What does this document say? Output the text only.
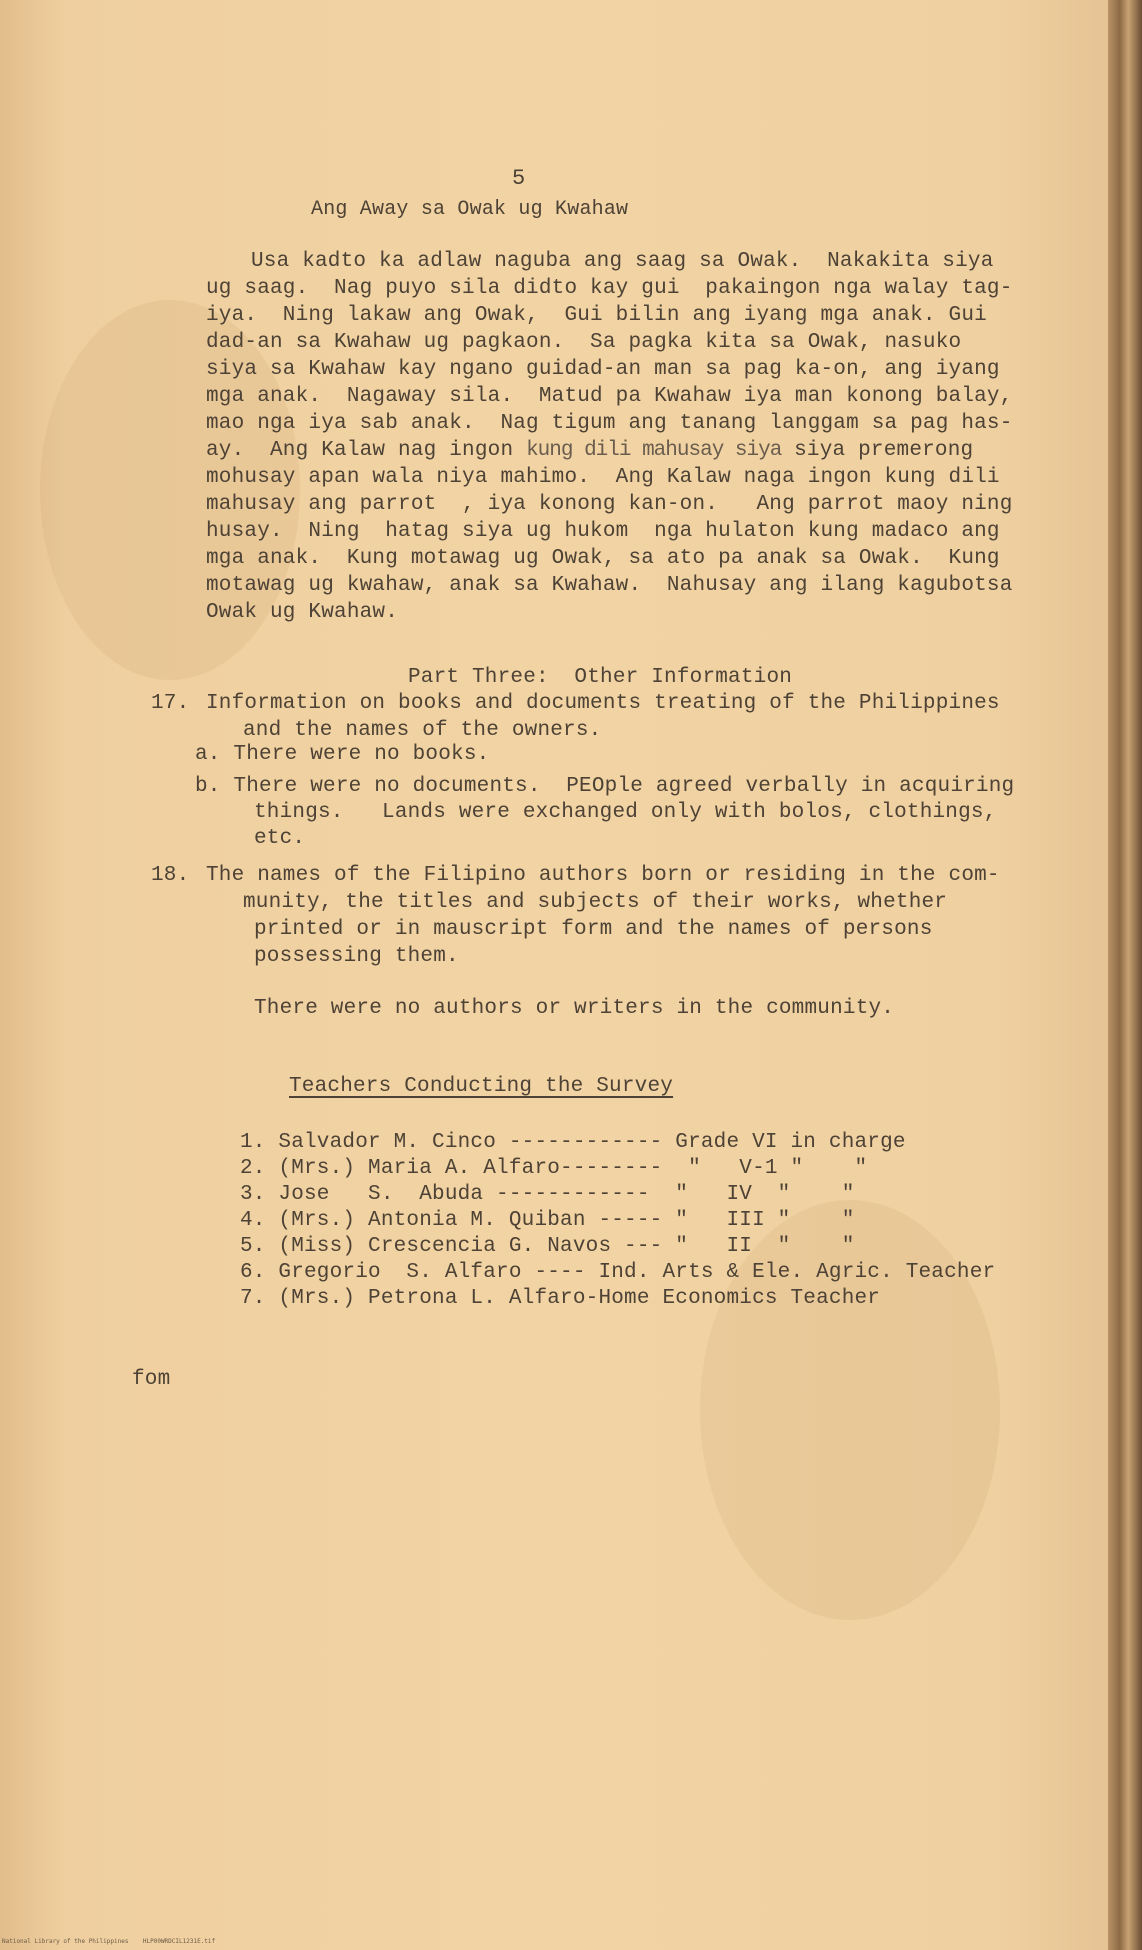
5
Ang Away sa Owak ug Kwahaw
Usa kadto ka adlaw naguba ang saag sa Owak.  Nakakita siya
ug saag.  Nag puyo sila didto kay gui  pakaingon nga walay tag-
iya.  Ning lakaw ang Owak,  Gui bilin ang iyang mga anak. Gui
dad-an sa Kwahaw ug pagkaon.  Sa pagka kita sa Owak, nasuko
siya sa Kwahaw kay ngano guidad-an man sa pag ka-on, ang iyang
mga anak.  Nagaway sila.  Matud pa Kwahaw iya man konong balay,
mao nga iya sab anak.  Nag tigum ang tanang langgam sa pag has-
ay.  Ang Kalaw nag ingon kung dili mahusay siya siya premerong
mohusay apan wala niya mahimo.  Ang Kalaw naga ingon kung dili
mahusay ang parrot  , iya konong kan-on.   Ang parrot maoy ning
husay.  Ning  hatag siya ug hukom  nga hulaton kung madaco ang
mga anak.  Kung motawag ug Owak, sa ato pa anak sa Owak.  Kung
motawag ug kwahaw, anak sa Kwahaw.  Nahusay ang ilang kagubotsa
Owak ug Kwahaw.
Part Three:  Other Information
17. Information on books and documents treating of the Philippines
and the names of the owners.
a. There were no books.
b. There were no documents.  PEOple agreed verbally in acquiring
things.   Lands were exchanged only with bolos, clothings,
etc.
18. The names of the Filipino authors born or residing in the com-
munity, the titles and subjects of their works, whether
printed or in mauscript form and the names of persons
possessing them.
There were no authors or writers in the community.
Teachers Conducting the Survey
1. Salvador M. Cinco ------------ Grade VI in charge
2. (Mrs.) Maria A. Alfaro--------  "   V-1 "    "
3. Jose   S.  Abuda ------------  "   IV  "    "
4. (Mrs.) Antonia M. Quiban ----- "   III "    "
5. (Miss) Crescencia G. Navos --- "   II  "    "
6. Gregorio  S. Alfaro ---- Ind. Arts & Ele. Agric. Teacher
7. (Mrs.) Petrona L. Alfaro-Home Economics Teacher
fom
National Library of the Philippines    HLP00WRDCIL1231E.tif
